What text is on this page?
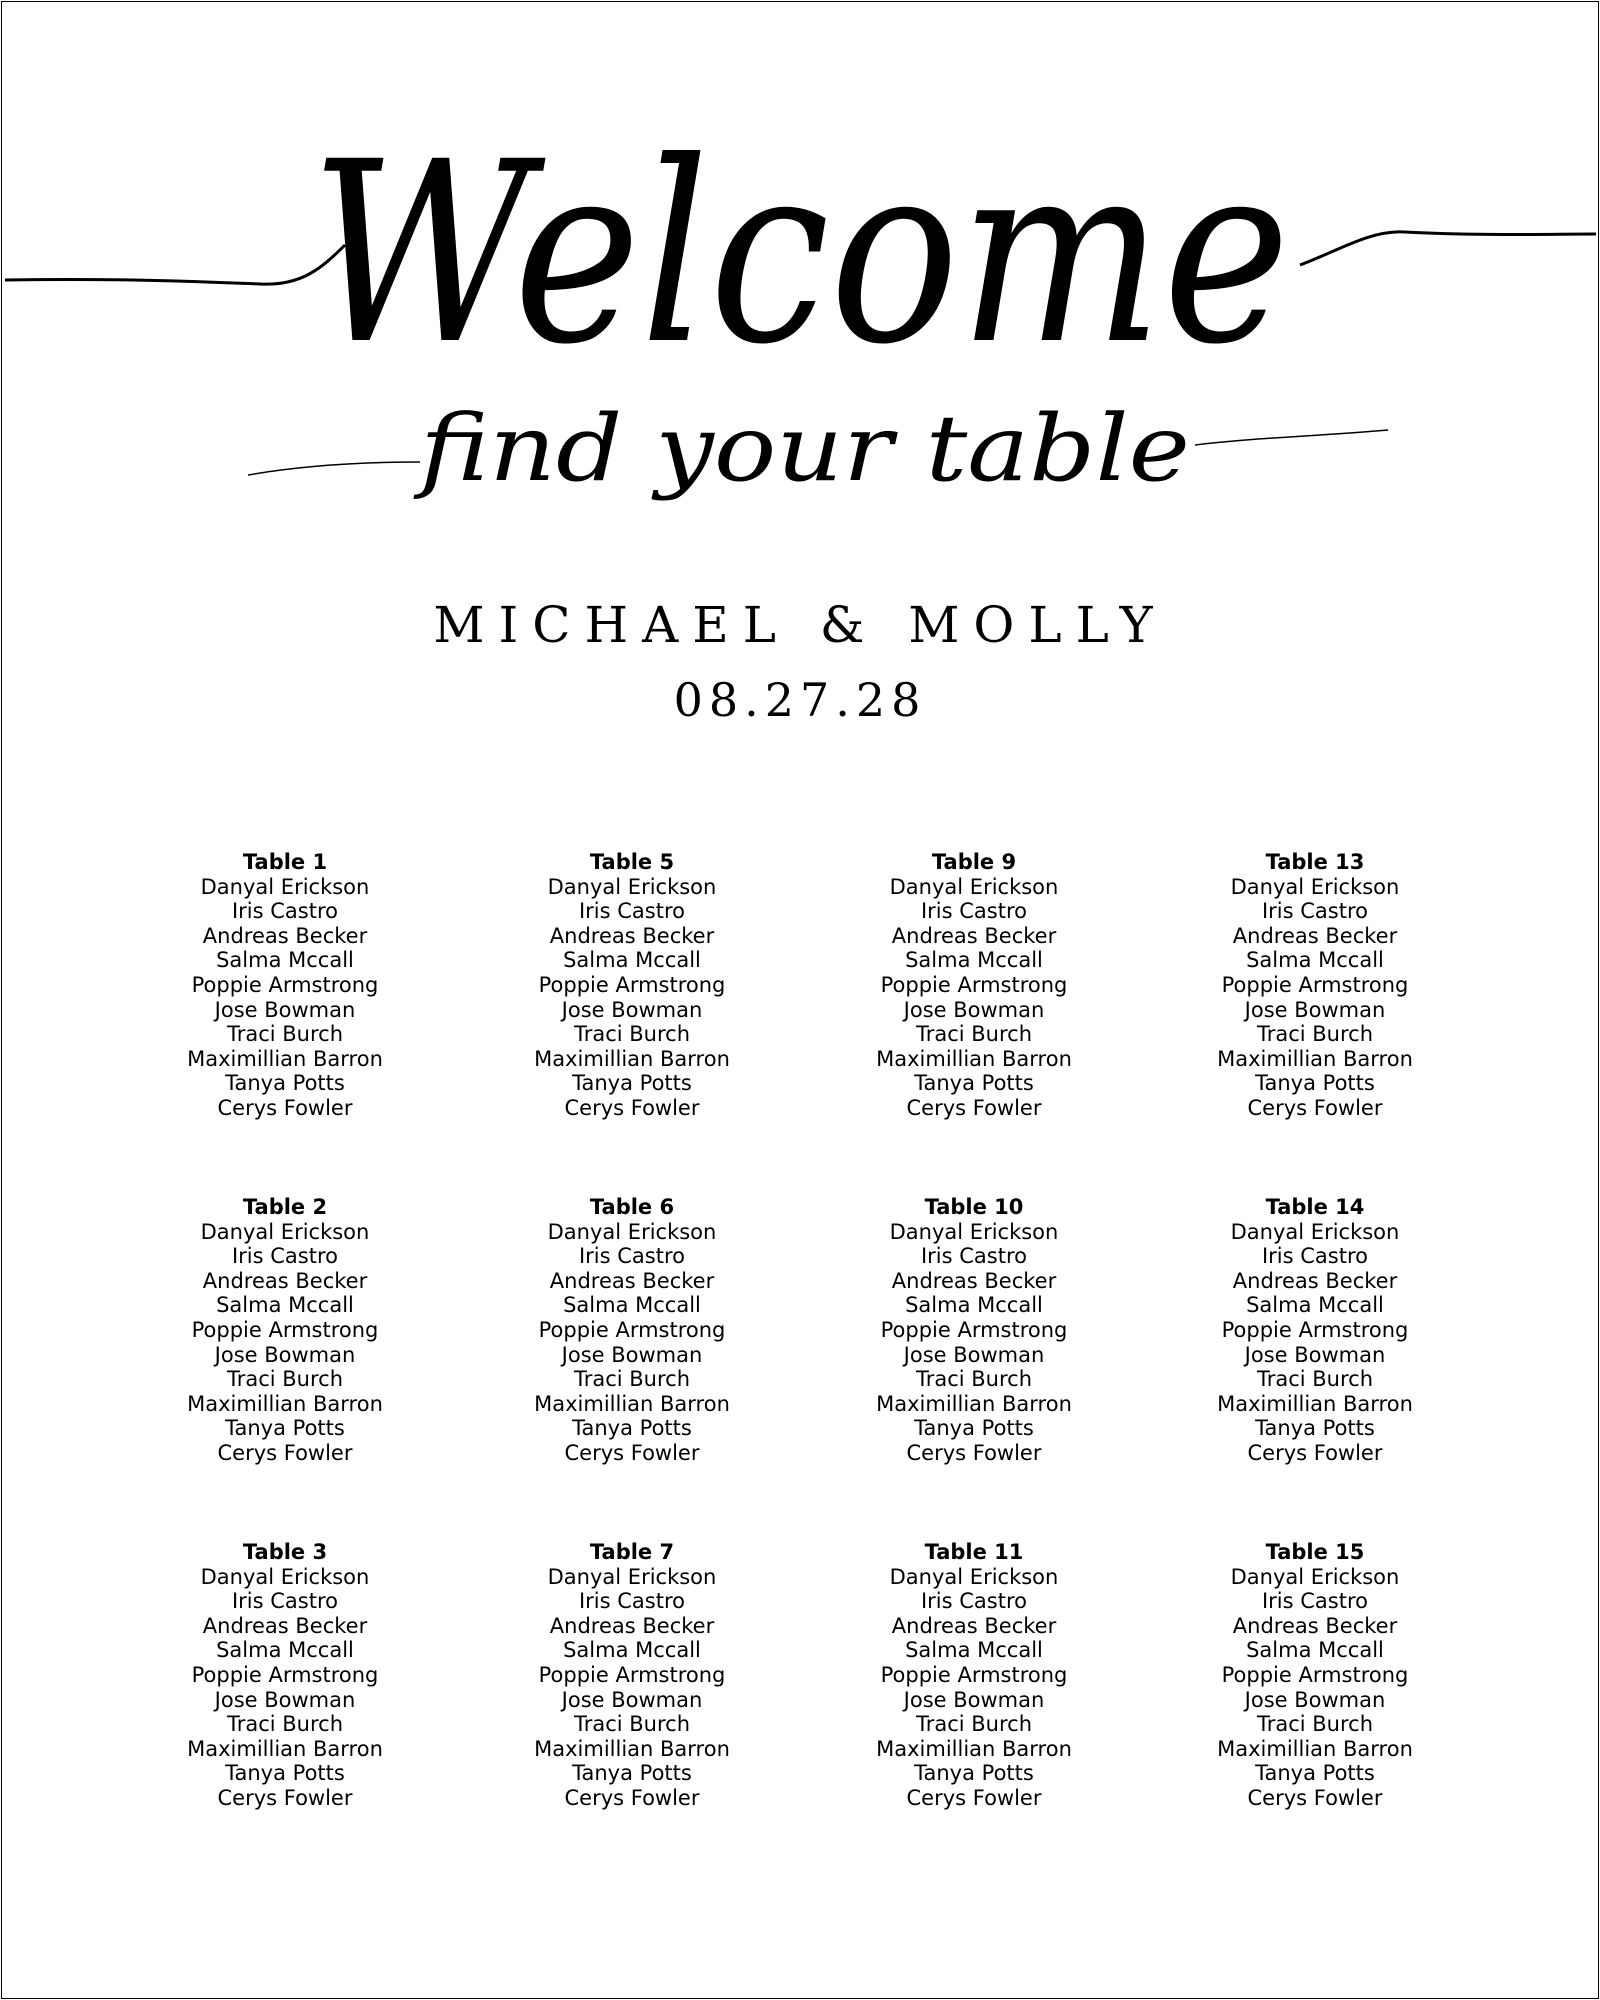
Welcome
find your table
MICHAEL & MOLLY
08.27.28
Table 1
Danyal Erickson
Iris Castro
Andreas Becker
Salma Mccall
Poppie Armstrong
Jose Bowman
Traci Burch
Maximillian Barron
Tanya Potts
Cerys Fowler
Table 5
Danyal Erickson
Iris Castro
Andreas Becker
Salma Mccall
Poppie Armstrong
Jose Bowman
Traci Burch
Maximillian Barron
Tanya Potts
Cerys Fowler
Table 9
Danyal Erickson
Iris Castro
Andreas Becker
Salma Mccall
Poppie Armstrong
Jose Bowman
Traci Burch
Maximillian Barron
Tanya Potts
Cerys Fowler
Table 13
Danyal Erickson
Iris Castro
Andreas Becker
Salma Mccall
Poppie Armstrong
Jose Bowman
Traci Burch
Maximillian Barron
Tanya Potts
Cerys Fowler
Table 2
Danyal Erickson
Iris Castro
Andreas Becker
Salma Mccall
Poppie Armstrong
Jose Bowman
Traci Burch
Maximillian Barron
Tanya Potts
Cerys Fowler
Table 6
Danyal Erickson
Iris Castro
Andreas Becker
Salma Mccall
Poppie Armstrong
Jose Bowman
Traci Burch
Maximillian Barron
Tanya Potts
Cerys Fowler
Table 10
Danyal Erickson
Iris Castro
Andreas Becker
Salma Mccall
Poppie Armstrong
Jose Bowman
Traci Burch
Maximillian Barron
Tanya Potts
Cerys Fowler
Table 14
Danyal Erickson
Iris Castro
Andreas Becker
Salma Mccall
Poppie Armstrong
Jose Bowman
Traci Burch
Maximillian Barron
Tanya Potts
Cerys Fowler
Table 3
Danyal Erickson
Iris Castro
Andreas Becker
Salma Mccall
Poppie Armstrong
Jose Bowman
Traci Burch
Maximillian Barron
Tanya Potts
Cerys Fowler
Table 7
Danyal Erickson
Iris Castro
Andreas Becker
Salma Mccall
Poppie Armstrong
Jose Bowman
Traci Burch
Maximillian Barron
Tanya Potts
Cerys Fowler
Table 11
Danyal Erickson
Iris Castro
Andreas Becker
Salma Mccall
Poppie Armstrong
Jose Bowman
Traci Burch
Maximillian Barron
Tanya Potts
Cerys Fowler
Table 15
Danyal Erickson
Iris Castro
Andreas Becker
Salma Mccall
Poppie Armstrong
Jose Bowman
Traci Burch
Maximillian Barron
Tanya Potts
Cerys Fowler
